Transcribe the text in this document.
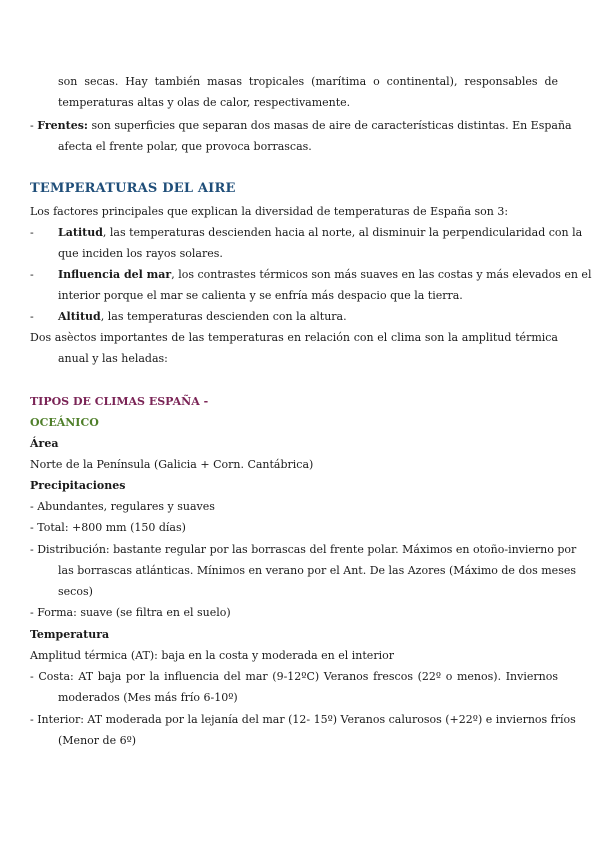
son secas. Hay también masas tropicales (marítima o continental), responsables de
temperaturas altas y olas de calor, respectivamente.
- Frentes: son superficies que separan dos masas de aire de características distintas. En España
afecta el frente polar, que provoca borrascas.
TEMPERATURAS DEL AIRE
Los factores principales que explican la diversidad de temperaturas de España son 3:
- Latitud, las temperaturas descienden hacia al norte, al disminuir la perpendicularidad con la
que inciden los rayos solares.
- Influencia del mar, los contrastes térmicos son más suaves en las costas y más elevados en el
interior porque el mar se calienta y se enfría más despacio que la tierra.
- Altitud, las temperaturas descienden con la altura.
Dos asèctos importantes de las temperaturas en relación con el clima son la amplitud térmica
anual y las heladas:
TIPOS DE CLIMAS ESPAÑA -
OCEÁNICO
Área
Norte de la Península (Galicia + Corn. Cantábrica)
Precipitaciones
- Abundantes, regulares y suaves
- Total: +800 mm (150 días)
- Distribución: bastante regular por las borrascas del frente polar. Máximos en otoño-invierno por
las borrascas atlánticas. Mínimos en verano por el Ant. De las Azores (Máximo de dos meses
secos)
- Forma: suave (se filtra en el suelo)
Temperatura
Amplitud térmica (AT): baja en la costa y moderada en el interior
- Costa: AT baja por la influencia del mar (9-12ºC) Veranos frescos (22º o menos). Inviernos
moderados (Mes más frío 6-10º)
- Interior: AT moderada por la lejanía del mar (12- 15º) Veranos calurosos (+22º) e inviernos fríos
(Menor de 6º)
